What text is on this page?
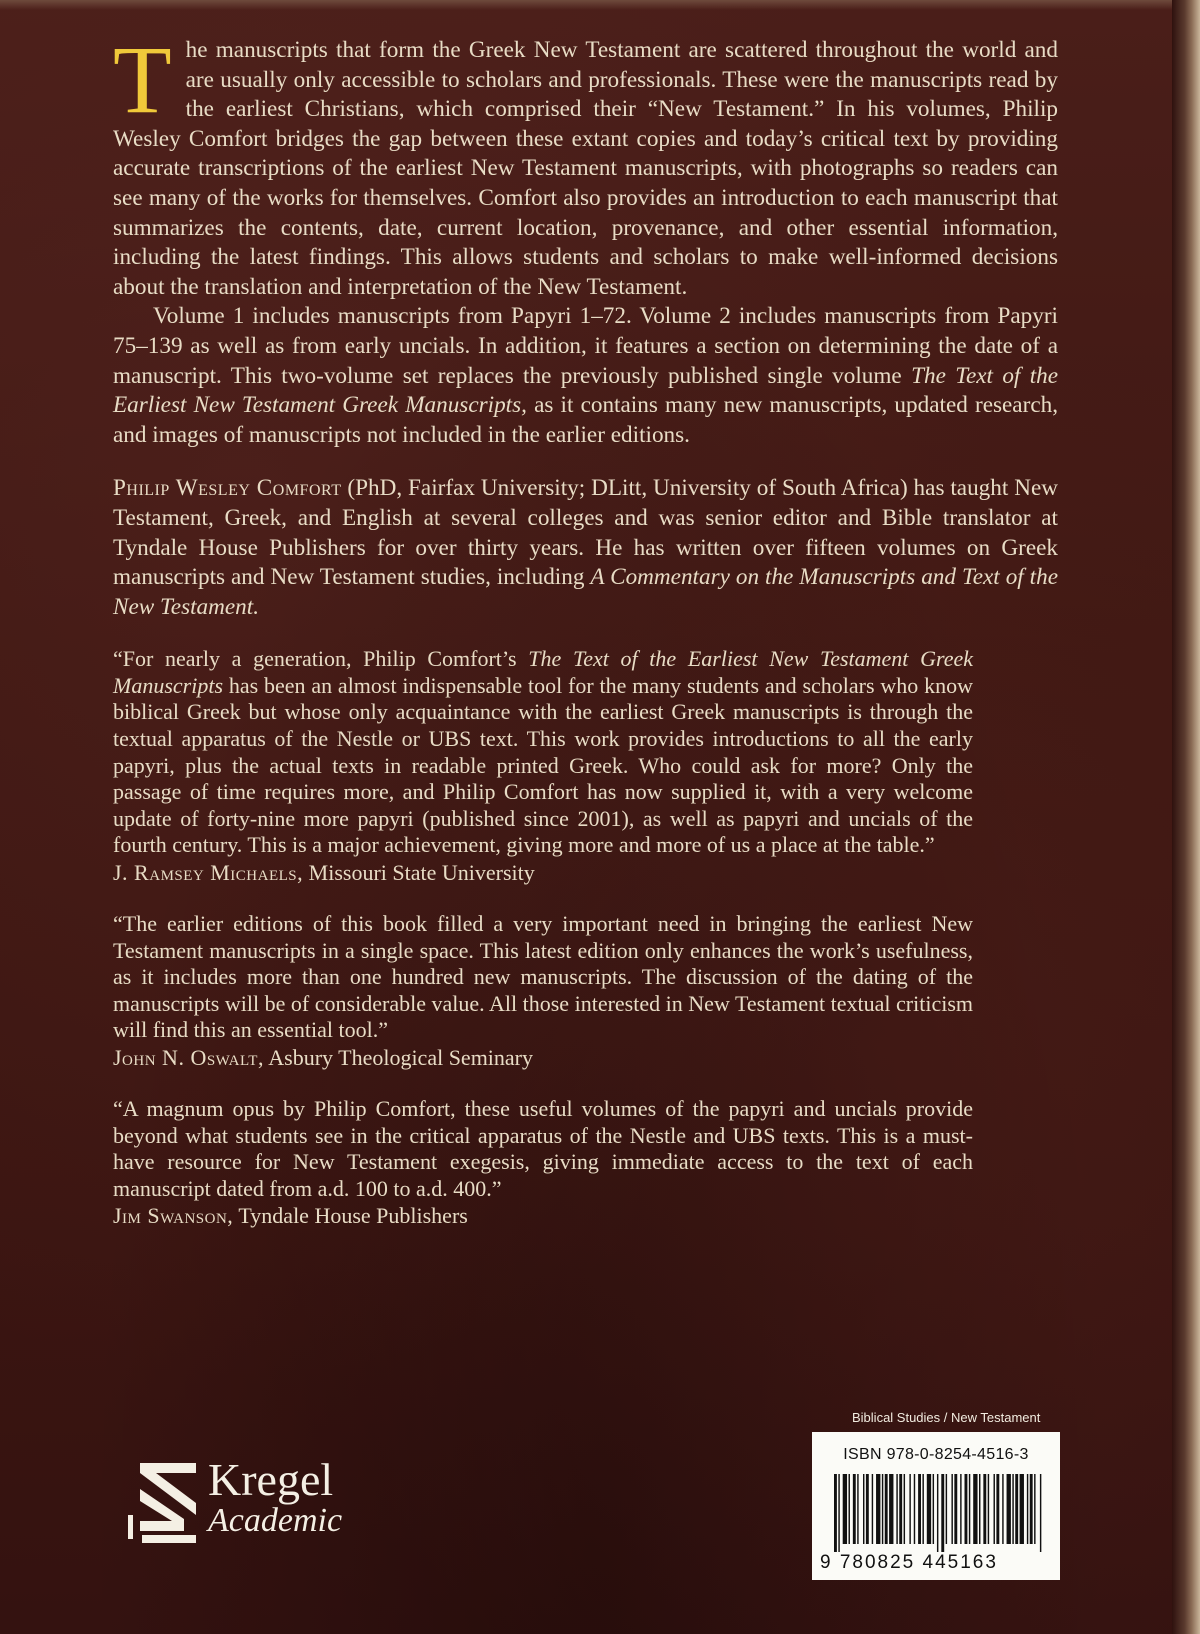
The manuscripts that form the Greek New Testament are scattered throughout the world and are usually only accessible to scholars and professionals. These were the manuscripts read by the earliest Christians, which comprised their “New Testament.” In his volumes, Philip Wesley Comfort bridges the gap between these extant copies and today’s critical text by providing accurate transcriptions of the earliest New Testament manuscripts, with photographs so readers can see many of the works for themselves. Comfort also provides an introduction to each manuscript that summarizes the contents, date, current location, provenance, and other essential information, including the latest findings. This allows students and scholars to make well-informed decisions about the translation and interpretation of the New Testament.

Volume 1 includes manuscripts from Papyri 1–72. Volume 2 includes manuscripts from Papyri 75–139 as well as from early uncials. In addition, it features a section on determining the date of a manuscript. This two-volume set replaces the previously published single volume The Text of the Earliest New Testament Greek Manuscripts, as it contains many new manuscripts, updated research, and images of manuscripts not included in the earlier editions.

Philip Wesley Comfort (PhD, Fairfax University; DLitt, University of South Africa) has taught New Testament, Greek, and English at several colleges and was senior editor and Bible translator at Tyndale House Publishers for over thirty years. He has written over fifteen volumes on Greek manuscripts and New Testament studies, including A Commentary on the Manuscripts and Text of the New Testament.

“For nearly a generation, Philip Comfort’s The Text of the Earliest New Testament Greek Manuscripts has been an almost indispensable tool for the many students and scholars who know biblical Greek but whose only acquaintance with the earliest Greek manuscripts is through the textual apparatus of the Nestle or UBS text. This work provides introductions to all the early papyri, plus the actual texts in readable printed Greek. Who could ask for more? Only the passage of time requires more, and Philip Comfort has now supplied it, with a very welcome update of forty-nine more papyri (published since 2001), as well as papyri and uncials of the fourth century. This is a major achievement, giving more and more of us a place at the table.”

J. Ramsey Michaels, Missouri State University

“The earlier editions of this book filled a very important need in bringing the earliest New Testament manuscripts in a single space. This latest edition only enhances the work’s usefulness, as it includes more than one hundred new manuscripts. The discussion of the dating of the manuscripts will be of considerable value. All those interested in New Testament textual criticism will find this an essential tool.”

John N. Oswalt, Asbury Theological Seminary

“A magnum opus by Philip Comfort, these useful volumes of the papyri and uncials provide beyond what students see in the critical apparatus of the Nestle and UBS texts. This is a must-have resource for New Testament exegesis, giving immediate access to the text of each manuscript dated from a.d. 100 to a.d. 400.”

Jim Swanson, Tyndale House Publishers

Biblical Studies / New Testament
ISBN 978-0-8254-4516-3
9 780825 445163
Kregel
Academic
